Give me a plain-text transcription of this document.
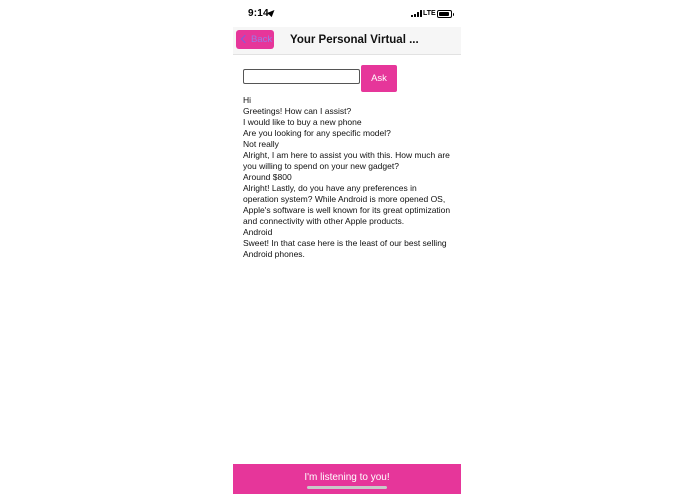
9:14	LTE
Back Your Personal Virtual ...
Ask
Hi
Greetings! How can I assist?
I would like to buy a new phone
Are you looking for any specific model?
Not really
Alright, I am here to assist you with this. How much are you willing to spend on your new gadget?
Around $800
Alright! Lastly, do you have any preferences in operation system? While Android is more opened OS, Apple's software is well known for its great optimization and connectivity with other Apple products.
Android
Sweet! In that case here is the least of our best selling Android phones.
I'm listening to you!
